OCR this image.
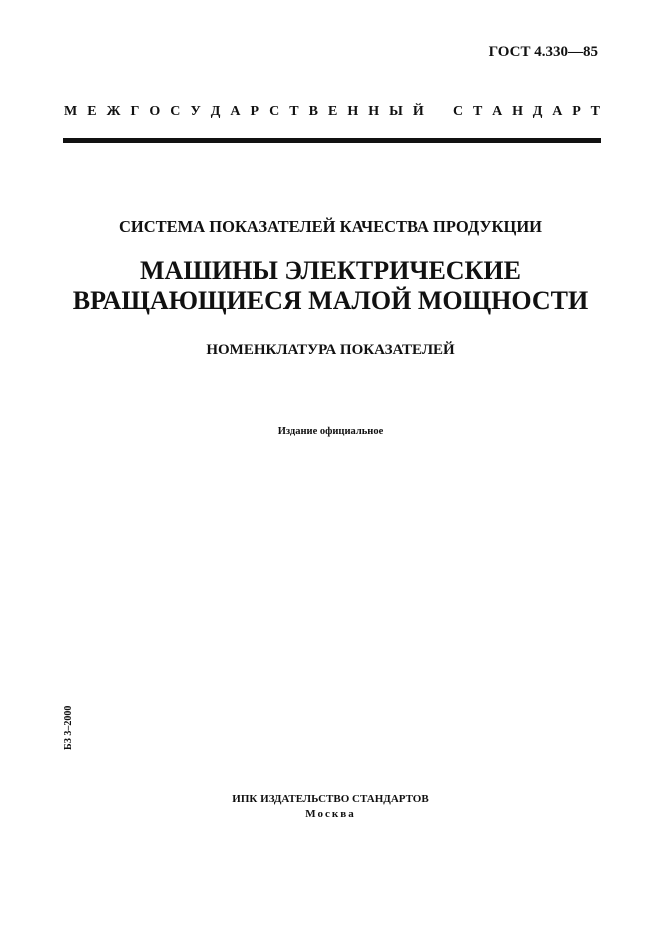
ГОСТ 4.330—85
М Е Ж Г О С У Д А Р С Т В Е Н Н Ы Й С Т А Н Д А Р Т
СИСТЕМА ПОКАЗАТЕЛЕЙ КАЧЕСТВА ПРОДУКЦИИ
МАШИНЫ ЭЛЕКТРИЧЕСКИЕ
ВРАЩАЮЩИЕСЯ МАЛОЙ МОЩНОСТИ
НОМЕНКЛАТУРА ПОКАЗАТЕЛЕЙ
Издание официальное
БЗ 3–2000
ИПК ИЗДАТЕЛЬСТВО СТАНДАРТОВ
Москва
